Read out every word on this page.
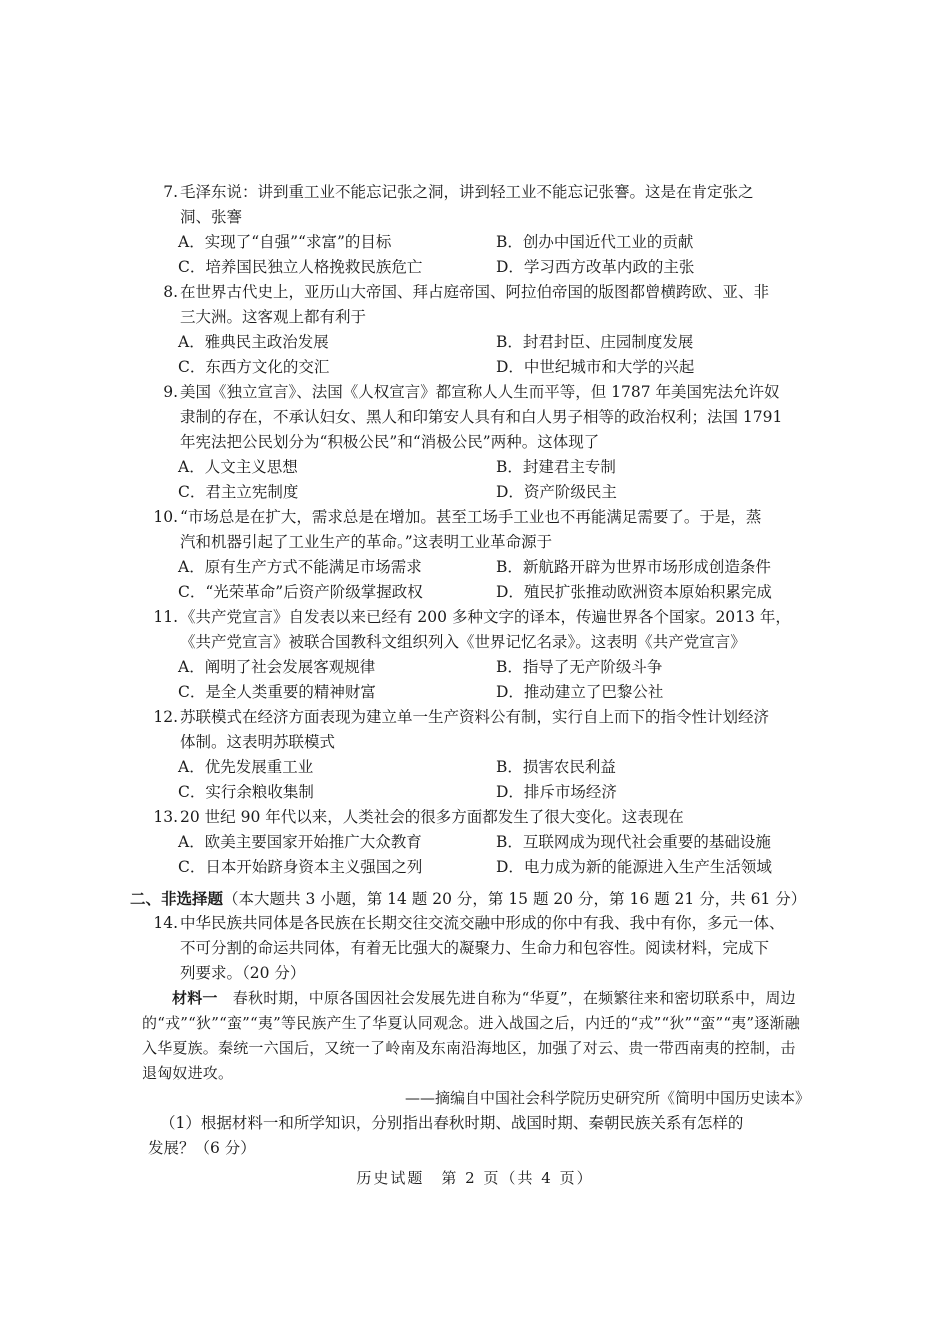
7. 毛泽东说：讲到重工业不能忘记张之洞，讲到轻工业不能忘记张謇。这是在肯定张之
洞、张謇
A．实现了“自强”“求富”的目标	B．创办中国近代工业的贡献
C．培养国民独立人格挽救民族危亡	D．学习西方改革内政的主张
8. 在世界古代史上，亚历山大帝国、拜占庭帝国、阿拉伯帝国的版图都曾横跨欧、亚、非
三大洲。这客观上都有利于
A．雅典民主政治发展	B．封君封臣、庄园制度发展
C．东西方文化的交汇	D．中世纪城市和大学的兴起
9. 美国《独立宣言》、法国《人权宣言》都宣称人人生而平等，但 1787 年美国宪法允许奴
隶制的存在，不承认妇女、黑人和印第安人具有和白人男子相等的政治权利；法国 1791
年宪法把公民划分为“积极公民”和“消极公民”两种。这体现了
A．人文主义思想	B．封建君主专制
C．君主立宪制度	D．资产阶级民主
10. “市场总是在扩大，需求总是在增加。甚至工场手工业也不再能满足需要了。于是，蒸
汽和机器引起了工业生产的革命。”这表明工业革命源于
A．原有生产方式不能满足市场需求	B．新航路开辟为世界市场形成创造条件
C．“光荣革命”后资产阶级掌握政权	D．殖民扩张推动欧洲资本原始积累完成
11. 《共产党宣言》自发表以来已经有 200 多种文字的译本，传遍世界各个国家。2013 年，
《共产党宣言》被联合国教科文组织列入《世界记忆名录》。这表明《共产党宣言》
A．阐明了社会发展客观规律	B．指导了无产阶级斗争
C．是全人类重要的精神财富	D．推动建立了巴黎公社
12. 苏联模式在经济方面表现为建立单一生产资料公有制，实行自上而下的指令性计划经济
体制。这表明苏联模式
A．优先发展重工业	B．损害农民利益
C．实行余粮收集制	D．排斥市场经济
13. 20 世纪 90 年代以来，人类社会的很多方面都发生了很大变化。这表现在
A．欧美主要国家开始推广大众教育	B．互联网成为现代社会重要的基础设施
C．日本开始跻身资本主义强国之列	D．电力成为新的能源进入生产生活领域
二、非选择题（本大题共 3 小题，第 14 题 20 分，第 15 题 20 分，第 16 题 21 分，共 61 分）
14. 中华民族共同体是各民族在长期交往交流交融中形成的你中有我、我中有你，多元一体、
不可分割的命运共同体，有着无比强大的凝聚力、生命力和包容性。阅读材料，完成下
列要求。（20 分）
材料一　春秋时期，中原各国因社会发展先进自称为“华夏”，在频繁往来和密切联系中，周边的“戎”“狄”“蛮”“夷”等民族产生了华夏认同观念。进入战国之后，内迁的“戎”“狄”“蛮”“夷”逐渐融入华夏族。秦统一六国后，又统一了岭南及东南沿海地区，加强了对云、贵一带西南夷的控制，击退匈奴进攻。
——摘编自中国社会科学院历史研究所《简明中国历史读本》
（1）根据材料一和所学知识，分别指出春秋时期、战国时期、秦朝民族关系有怎样的
发展？（6 分）
历史试题　第 2 页（共 4 页）
